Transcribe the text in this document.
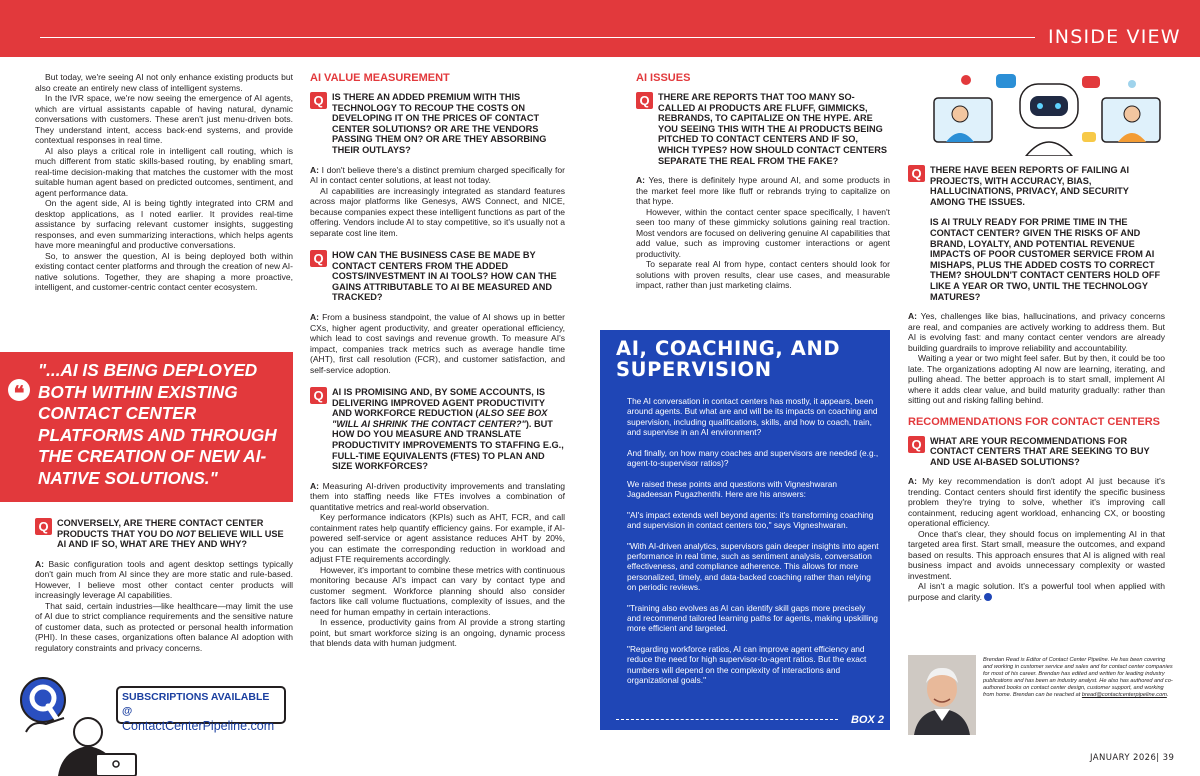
INSIDE VIEW

But today, we're seeing AI not only enhance existing products but also create an entirely new class of intelligent systems.

In the IVR space, we're now seeing the emergence of AI agents, which are virtual assistants capable of having natural, dynamic conversations with customers. These aren't just menu-driven bots. They understand intent, access back-end systems, and provide contextual responses in real time.

AI also plays a critical role in intelligent call routing, which is much different from static skills-based routing, by enabling smart, real-time decision-making that matches the customer with the most suitable human agent based on predicted outcomes, sentiment, and agent performance data.

On the agent side, AI is being tightly integrated into CRM and desktop applications, as I noted earlier. It provides real-time assistance by surfacing relevant customer insights, suggesting responses, and even summarizing interactions, which helps agents have more meaningful and productive conversations.

So, to answer the question, AI is being deployed both within existing contact center platforms and through the creation of new AI-native solutions. Together, they are shaping a more proactive, intelligent, and customer-centric contact center ecosystem.

❝
"...AI IS BEING DEPLOYED BOTH WITHIN EXISTING CONTACT CENTER PLATFORMS AND THROUGH THE CREATION OF NEW AI-NATIVE SOLUTIONS."
Q CONVERSELY, ARE THERE CONTACT CENTER PRODUCTS THAT YOU DO NOT BELIEVE WILL USE AI AND IF SO, WHAT ARE THEY AND WHY?

A: Basic configuration tools and agent desktop settings typically don't gain much from AI since they are more static and rule-based. However, I believe most other contact center products will increasingly leverage AI capabilities.

That said, certain industries—like healthcare—may limit the use of AI due to strict compliance requirements and the sensitive nature of customer data, such as protected or personal health information (PHI). In these cases, organizations often balance AI adoption with regulatory constraints and privacy concerns.

SUBSCRIPTIONS AVAILABLE @
ContactCenterPipeline.com
AI VALUE MEASUREMENT
Q IS THERE AN ADDED PREMIUM WITH THIS TECHNOLOGY TO RECOUP THE COSTS ON DEVELOPING IT ON THE PRICES OF CONTACT CENTER SOLUTIONS? OR ARE THE VENDORS PASSING THEM ON? OR ARE THEY ABSORBING THEIR OUTLAYS?

A: I don't believe there's a distinct premium charged specifically for AI in contact center solutions, at least not today.

AI capabilities are increasingly integrated as standard features across major platforms like Genesys, AWS Connect, and NICE, because companies expect these intelligent functions as part of the offering. Vendors include AI to stay competitive, so it's usually not a separate cost line item.

Q HOW CAN THE BUSINESS CASE BE MADE BY CONTACT CENTERS FROM THE ADDED COSTS/INVESTMENT IN AI TOOLS? HOW CAN THE GAINS ATTRIBUTABLE TO AI BE MEASURED AND TRACKED?

A: From a business standpoint, the value of AI shows up in better CXs, higher agent productivity, and greater operational efficiency, which lead to cost savings and revenue growth. To measure AI's impact, companies track metrics such as average handle time (AHT), first call resolution (FCR), and customer satisfaction, and self-service adoption.

Q AI IS PROMISING AND, BY SOME ACCOUNTS, IS DELIVERING IMPROVED AGENT PRODUCTIVITY AND WORKFORCE REDUCTION (ALSO SEE BOX "WILL AI SHRINK THE CONTACT CENTER?"). BUT HOW DO YOU MEASURE AND TRANSLATE PRODUCTIVITY IMPROVEMENTS TO STAFFING E.G., FULL-TIME EQUIVALENTS (FTES) TO PLAN AND SIZE WORKFORCES?

A: Measuring AI-driven productivity improvements and translating them into staffing needs like FTEs involves a combination of quantitative metrics and real-world observation.

Key performance indicators (KPIs) such as AHT, FCR, and call containment rates help quantify efficiency gains. For example, if AI-powered self-service or agent assistance reduces AHT by 20%, you can estimate the corresponding reduction in workload and adjust FTE requirements accordingly.

However, it's important to combine these metrics with continuous monitoring because AI's impact can vary by contact type and customer segment. Workforce planning should also consider factors like call volume fluctuations, complexity of issues, and the need for human empathy in certain interactions.

In essence, productivity gains from AI provide a strong starting point, but smart workforce sizing is an ongoing, dynamic process that blends data with human judgment.

AI ISSUES
Q THERE ARE REPORTS THAT TOO MANY SO-CALLED AI PRODUCTS ARE FLUFF, GIMMICKS, REBRANDS, TO CAPITALIZE ON THE HYPE. ARE YOU SEEING THIS WITH THE AI PRODUCTS BEING PITCHED TO CONTACT CENTERS AND IF SO, WHICH TYPES? HOW SHOULD CONTACT CENTERS SEPARATE THE REAL FROM THE FAKE?

A: Yes, there is definitely hype around AI, and some products in the market feel more like fluff or rebrands trying to capitalize on that hype.

However, within the contact center space specifically, I haven't seen too many of these gimmicky solutions gaining real traction. Most vendors are focused on delivering genuine AI capabilities that add value, such as improving customer interactions or agent productivity.

To separate real AI from hype, contact centers should look for solutions with proven results, clear use cases, and measurable impact, rather than just marketing claims.

AI, COACHING, AND SUPERVISION

The AI conversation in contact centers has mostly, it appears, been around agents. But what are and will be its impacts on coaching and supervision, including qualifications, skills, and how to coach, train, and supervise in an AI environment?

And finally, on how many coaches and supervisors are needed (e.g., agent-to-supervisor ratios)?

We raised these points and questions with Vigneshwaran Jagadeesan Pugazhenthi. Here are his answers:

"AI's impact extends well beyond agents: it's transforming coaching and supervision in contact centers too," says Vigneshwaran.

"With AI-driven analytics, supervisors gain deeper insights into agent performance in real time, such as sentiment analysis, conversation effectiveness, and compliance adherence. This allows for more personalized, timely, and data-backed coaching rather than relying on periodic reviews.

"Training also evolves as AI can identify skill gaps more precisely and recommend tailored learning paths for agents, making upskilling more efficient and targeted.

"Regarding workforce ratios, AI can improve agent efficiency and reduce the need for high supervisor-to-agent ratios. But the exact numbers will depend on the complexity of interactions and organizational goals."

BOX 2
Q THERE HAVE BEEN REPORTS OF FAILING AI PROJECTS, WITH ACCURACY, BIAS, HALLUCINATIONS, PRIVACY, AND SECURITY AMONG THE ISSUES.
IS AI TRULY READY FOR PRIME TIME IN THE CONTACT CENTER? GIVEN THE RISKS OF AND BRAND, LOYALTY, AND POTENTIAL REVENUE IMPACTS OF POOR CUSTOMER SERVICE FROM AI MISHAPS, PLUS THE ADDED COSTS TO CORRECT THEM? SHOULDN'T CONTACT CENTERS HOLD OFF LIKE A YEAR OR TWO, UNTIL THE TECHNOLOGY MATURES?

A: Yes, challenges like bias, hallucinations, and privacy concerns are real, and companies are actively working to address them. But AI is evolving fast: and many contact center vendors are already building guardrails to improve reliability and accountability.

Waiting a year or two might feel safer. But by then, it could be too late. The organizations adopting AI now are learning, iterating, and pulling ahead. The better approach is to start small, implement AI where it adds clear value, and build maturity gradually: rather than sitting out and risking falling behind.

RECOMMENDATIONS FOR CONTACT CENTERS
Q WHAT ARE YOUR RECOMMENDATIONS FOR CONTACT CENTERS THAT ARE SEEKING TO BUY AND USE AI-BASED SOLUTIONS?

A: My key recommendation is don't adopt AI just because it's trending. Contact centers should first identify the specific business problem they're trying to solve, whether it's improving call containment, reducing agent workload, enhancing CX, or boosting operational efficiency.

Once that's clear, they should focus on implementing AI in that targeted area first. Start small, measure the outcomes, and expand based on results. This approach ensures that AI is aligned with real business impact and avoids unnecessary complexity or wasted investment.

AI isn't a magic solution. It's a powerful tool when applied with purpose and clarity.

Brendan Read is Editor of Contact Center Pipeline. He has been covering and working in customer service and sales and for contact center companies for most of his career. Brendan has edited and written for leading industry publications and has been an industry analyst. He also has authored and co-authored books on contact center design, customer support, and working from home. Brendan can be reached at bread@contactcenterpipeline.com.
JANUARY 2026| 39
